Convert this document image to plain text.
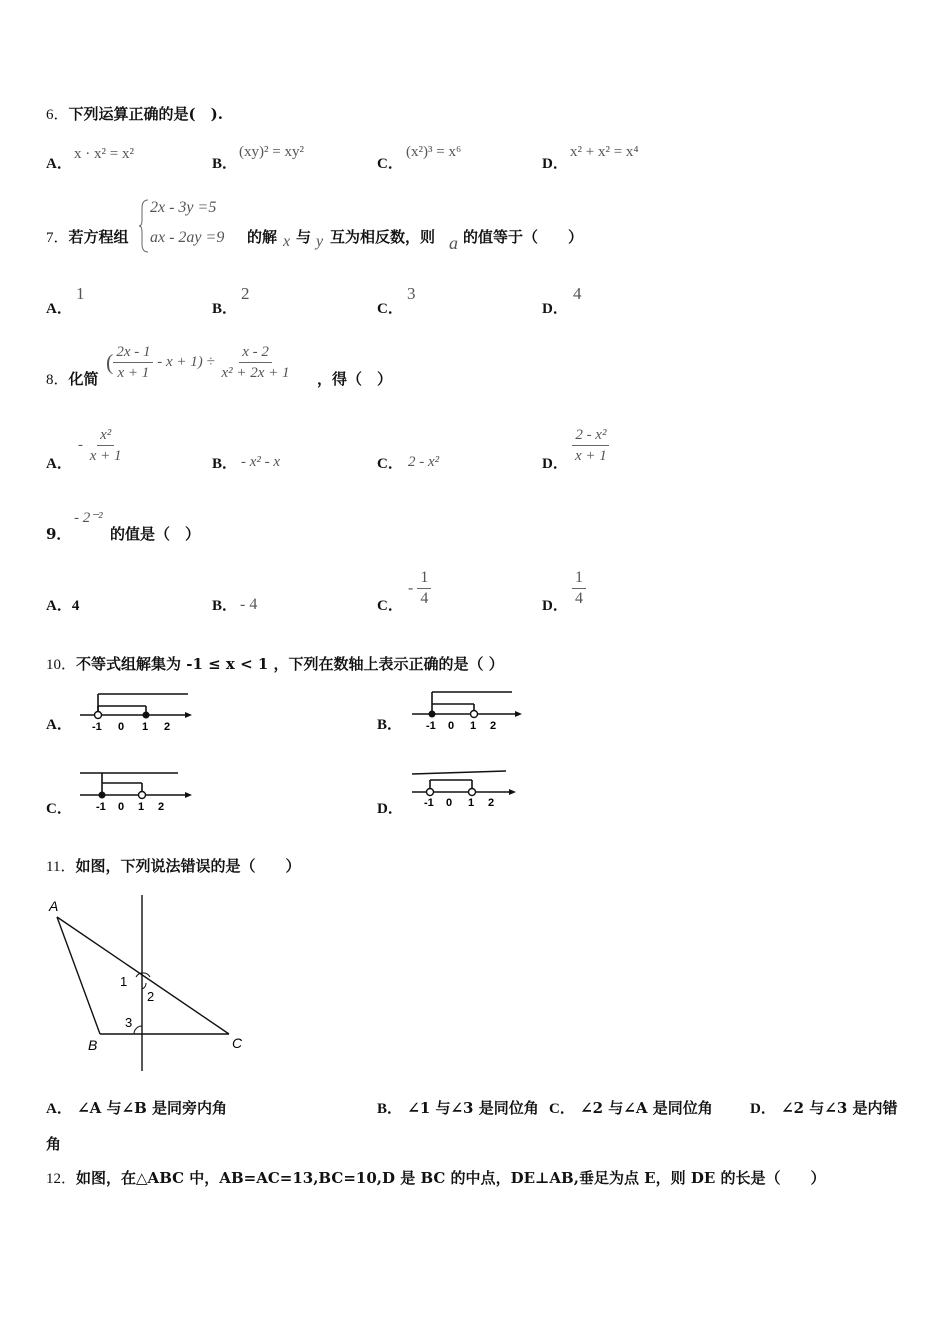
6．下列运算正确的是(　).
A．
x · x² = x²
B．
(xy)² = xy²
C．
(x²)³ = x⁶
D．
x² + x² = x⁴
7．若方程组
2x - 3y =5
ax - 2ay =9 的解 x 与 y 互为相反数，则 a 的值等于（　　）
A．
1
B．
2
C．
3
D．
4
8．化简
( $\frac{2x - 1}{x + 1} - x + 1) \div \frac{x - 2}{\text{x² + 2x + 1}}$ ，得（　）
A．
- $\frac{\text{x²}}{x + 1}$	B． - x² - x	C． 2 - x²	D． $\frac{\text{2 - x²}}{x + 1}$
9．
- 2⁻²
的值是（　）
A．4	B． - 4	C．
- $\frac{1}{4}$	D． $\frac{1}{4}$
10．不等式组解集为 -1 ≤ x < 1 ，下列在数轴上表示正确的是（ ）
A． -1 0 1 2	B． -1 0 1 2
C． -1 0 1 2	D． -1 0 1 2
11．如图，下列说法错误的是（　　）
A
B	C
1
2
3
A． ∠A 与∠B 是同旁内角	B． ∠1 与∠3 是同位角 C． ∠2 与∠A 是同位角 D． ∠2 与∠3 是内错
角
12．如图，在△ABC 中，AB=AC=13,BC=10,D 是 BC 的中点，DE⊥AB,垂足为点 E，则 DE 的长是（　　）
